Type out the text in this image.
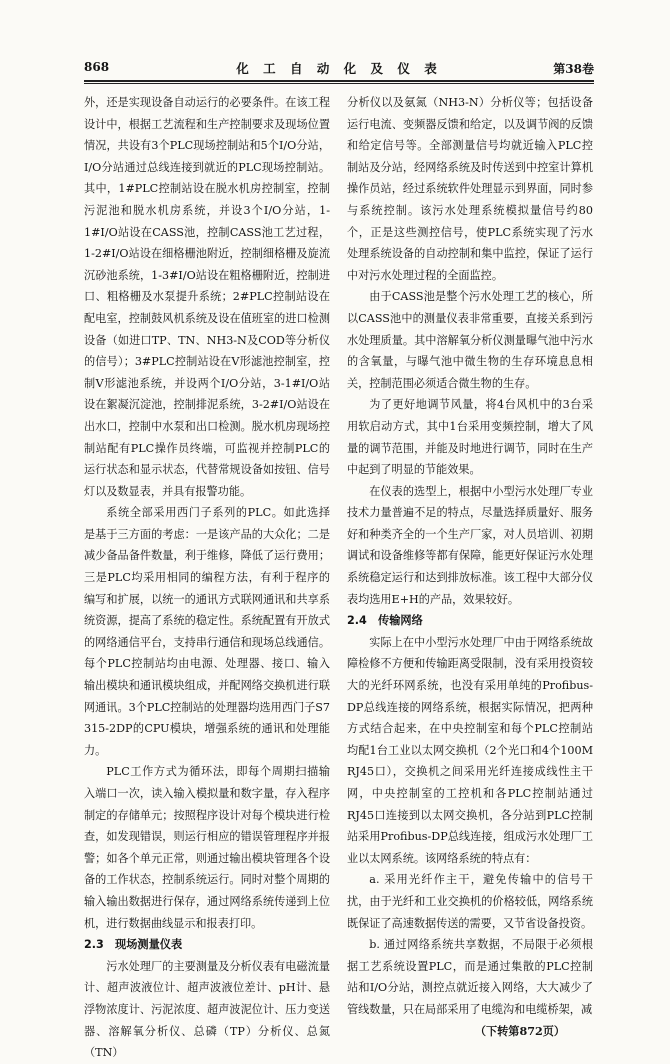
868	化 工 自 动 化 及 仪 表	第38卷

外，还是实现设备自动运行的必要条件。在该工程设计中，根据工艺流程和生产控制要求及现场位置情况，共设有3个PLC现场控制站和5个I/O分站，I/O分站通过总线连接到就近的PLC现场控制站。其中，1#PLC控制站设在脱水机房控制室，控制污泥池和脱水机房系统，并设3个I/O分站，1-1#I/O站设在CASS池，控制CASS池工艺过程，1-2#I/O站设在细格栅池附近，控制细格栅及旋流沉砂池系统，1-3#I/O站设在粗格栅附近，控制进口、粗格栅及水泵提升系统；2#PLC控制站设在配电室，控制鼓风机系统及设在值班室的进口检测设备（如进口TP、TN、NH3-N及COD等分析仪的信号）；3#PLC控制站设在V形滤池控制室，控制V形滤池系统，并设两个I/O分站，3-1#I/O站设在絮凝沉淀池，控制排泥系统，3-2#I/O站设在出水口，控制中水泵和出口检测。脱水机房现场控制站配有PLC操作员终端，可监视并控制PLC的运行状态和显示状态，代替常规设备如按钮、信号灯以及数显表，并具有报警功能。

系统全部采用西门子系列的PLC。如此选择是基于三方面的考虑：一是该产品的大众化；二是减少备品备件数量，利于维修，降低了运行费用；三是PLC均采用相同的编程方法，有利于程序的编写和扩展，以统一的通讯方式联网通讯和共享系统资源，提高了系统的稳定性。系统配置有开放式的网络通信平台，支持串行通信和现场总线通信。每个PLC控制站均由电源、处理器、接口、输入输出模块和通讯模块组成，并配网络交换机进行联网通讯。3个PLC控制站的处理器均选用西门子S7 315-2DP的CPU模块，增强系统的通讯和处理能力。

PLC工作方式为循环法，即每个周期扫描输入端口一次，读入输入模拟量和数字量，存入程序制定的存储单元；按照程序设计对每个模块进行检查，如发现错误，则运行相应的错误管理程序并报警；如各个单元正常，则通过输出模块管理各个设备的工作状态，控制系统运行。同时对整个周期的输入输出数据进行保存，通过网络系统传递到上位机，进行数据曲线显示和报表打印。

2.3　现场测量仪表

污水处理厂的主要测量及分析仪表有电磁流量计、超声波液位计、超声波液位差计、pH计、悬浮物浓度计、污泥浓度、超声波泥位计、压力变送器、溶解氧分析仪、总磷（TP）分析仪、总氮（TN）

分析仪以及氨氮（NH3-N）分析仪等；包括设备运行电流、变频器反馈和给定，以及调节阀的反馈和给定信号等。全部测量信号均就近输入PLC控制站及分站，经网络系统及时传送到中控室计算机操作员站，经过系统软件处理显示到界面，同时参与系统控制。该污水处理系统模拟量信号约80个，正是这些测控信号，使PLC系统实现了污水处理系统设备的自动控制和集中监控，保证了运行中对污水处理过程的全面监控。

由于CASS池是整个污水处理工艺的核心，所以CASS池中的测量仪表非常重要，直接关系到污水处理质量。其中溶解氧分析仪测量曝气池中污水的含氧量，与曝气池中微生物的生存环境息息相关，控制范围必须适合微生物的生存。

为了更好地调节风量，将4台风机中的3台采用软启动方式，其中1台采用变频控制，增大了风量的调节范围，并能及时地进行调节，同时在生产中起到了明显的节能效果。

在仪表的选型上，根据中小型污水处理厂专业技术力量普遍不足的特点，尽量选择质量好、服务好和种类齐全的一个生产厂家，对人员培训、初期调试和设备维修等都有保障，能更好保证污水处理系统稳定运行和达到排放标准。该工程中大部分仪表均选用E+H的产品，效果较好。

2.4　传输网络

实际上在中小型污水处理厂中由于网络系统故障检修不方便和传输距离受限制，没有采用投资较大的光纤环网系统，也没有采用单纯的Profibus-DP总线连接的网络系统，根据实际情况，把两种方式结合起来，在中央控制室和每个PLC控制站均配1台工业以太网交换机（2个光口和4个100M RJ45口），交换机之间采用光纤连接成线性主干网，中央控制室的工控机和各PLC控制站通过RJ45口连接到以太网交换机，各分站到PLC控制站采用Profibus-DP总线连接，组成污水处理厂工业以太网系统。该网络系统的特点有：

a. 采用光纤作主干，避免传输中的信号干扰，由于光纤和工业交换机的价格较低，网络系统既保证了高速数据传送的需要，又节省设备投资。

b. 通过网络系统共享数据，不局限于必须根据工艺系统设置PLC，而是通过集散的PLC控制站和I/O分站，测控点就近接入网络，大大减少了管线数量，只在局部采用了电缆沟和电缆桥架，减

（下转第872页）
